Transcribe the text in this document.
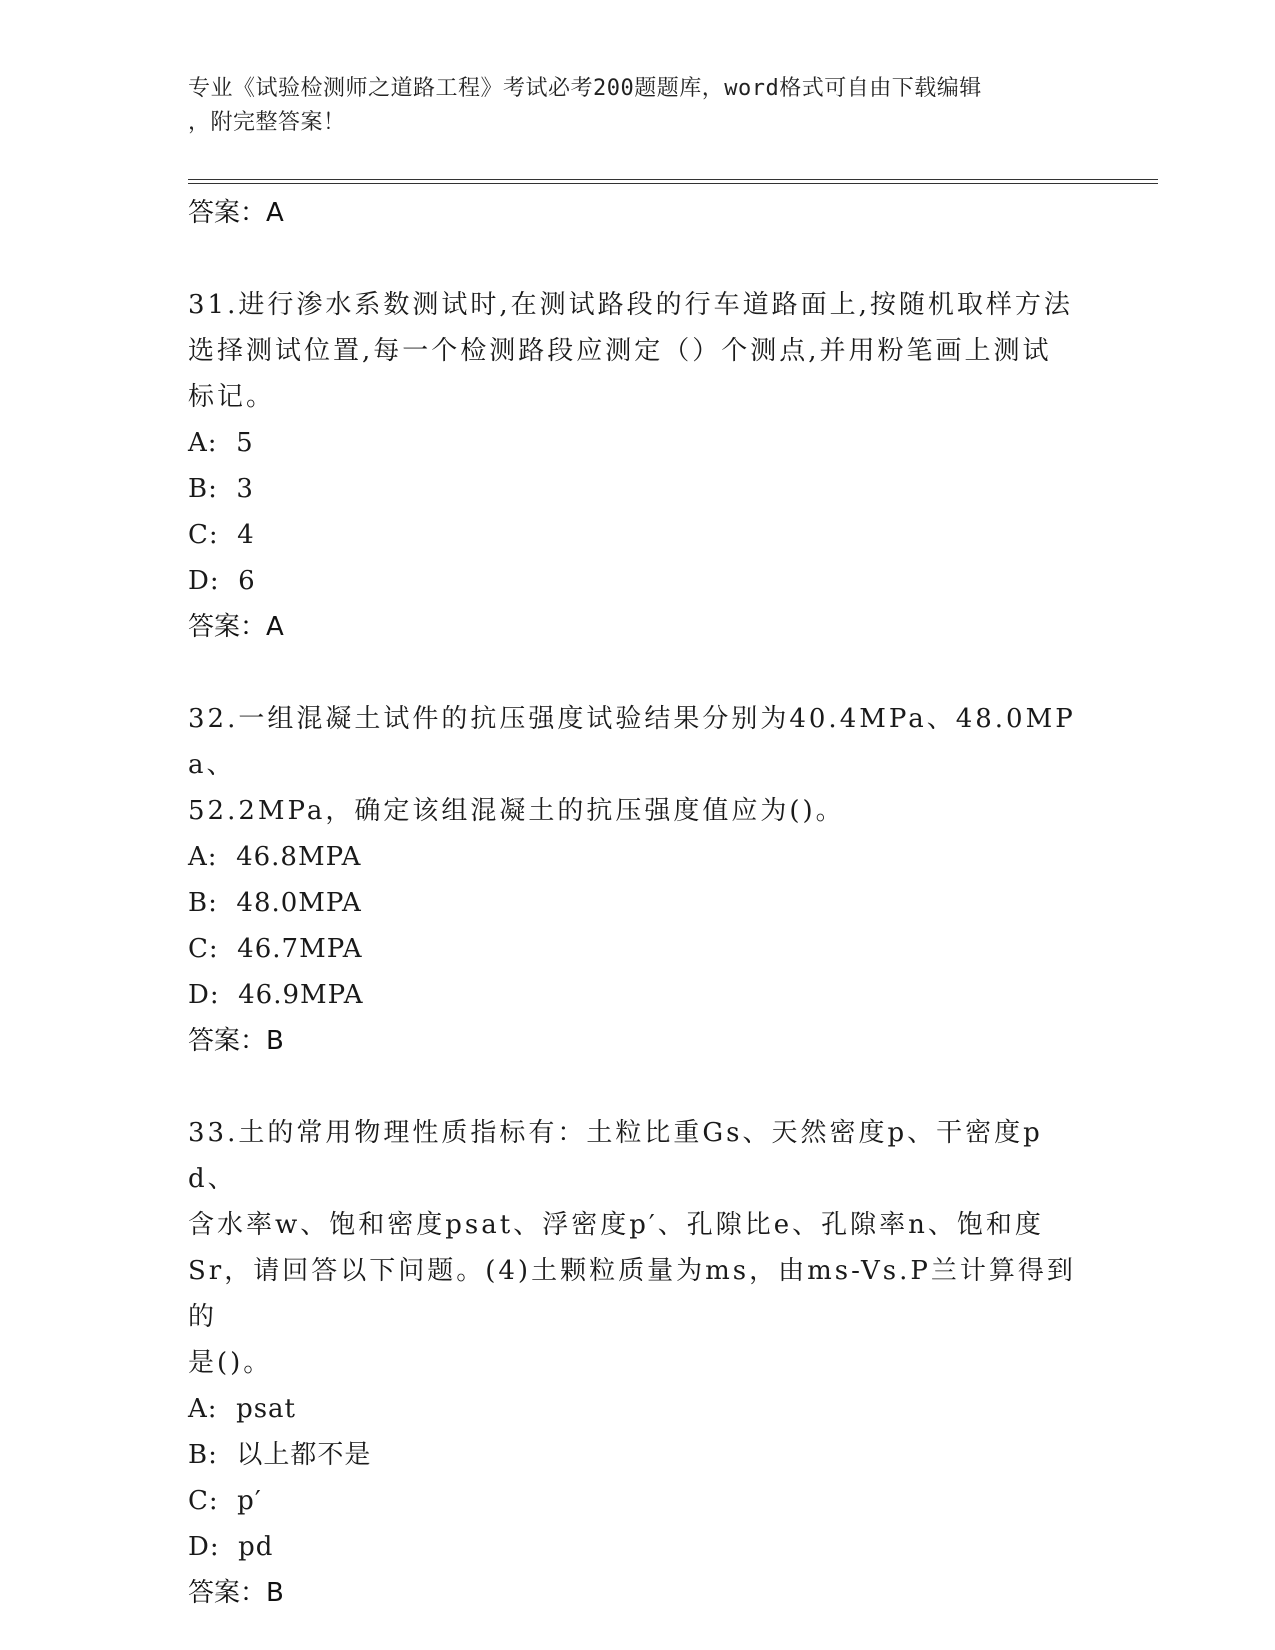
专业《试验检测师之道路工程》考试必考200题题库，word格式可自由下载编辑
，附完整答案！

答案：A

31.进行渗水系数测试时,在测试路段的行车道路面上,按随机取样方法

选择测试位置,每一个检测路段应测定（）个测点,并用粉笔画上测试

标记。

A:  5

B:  3

C:  4

D:  6

答案：A

32.一组混凝土试件的抗压强度试验结果分别为40.4MPa、48.0MPa、

52.2MPa，确定该组混凝土的抗压强度值应为()。

A:  46.8MPA

B:  48.0MPA

C:  46.7MPA

D:  46.9MPA

答案：B

33.土的常用物理性质指标有：土粒比重Gs、天然密度p、干密度pd、

含水率w、饱和密度psat、浮密度p′、孔隙比e、孔隙率n、饱和度

Sr，请回答以下问题。(4)土颗粒质量为ms，由ms-Vs.P兰计算得到的

是()。

A:  psat

B:  以上都不是

C:  p′

D:  pd

答案：B
